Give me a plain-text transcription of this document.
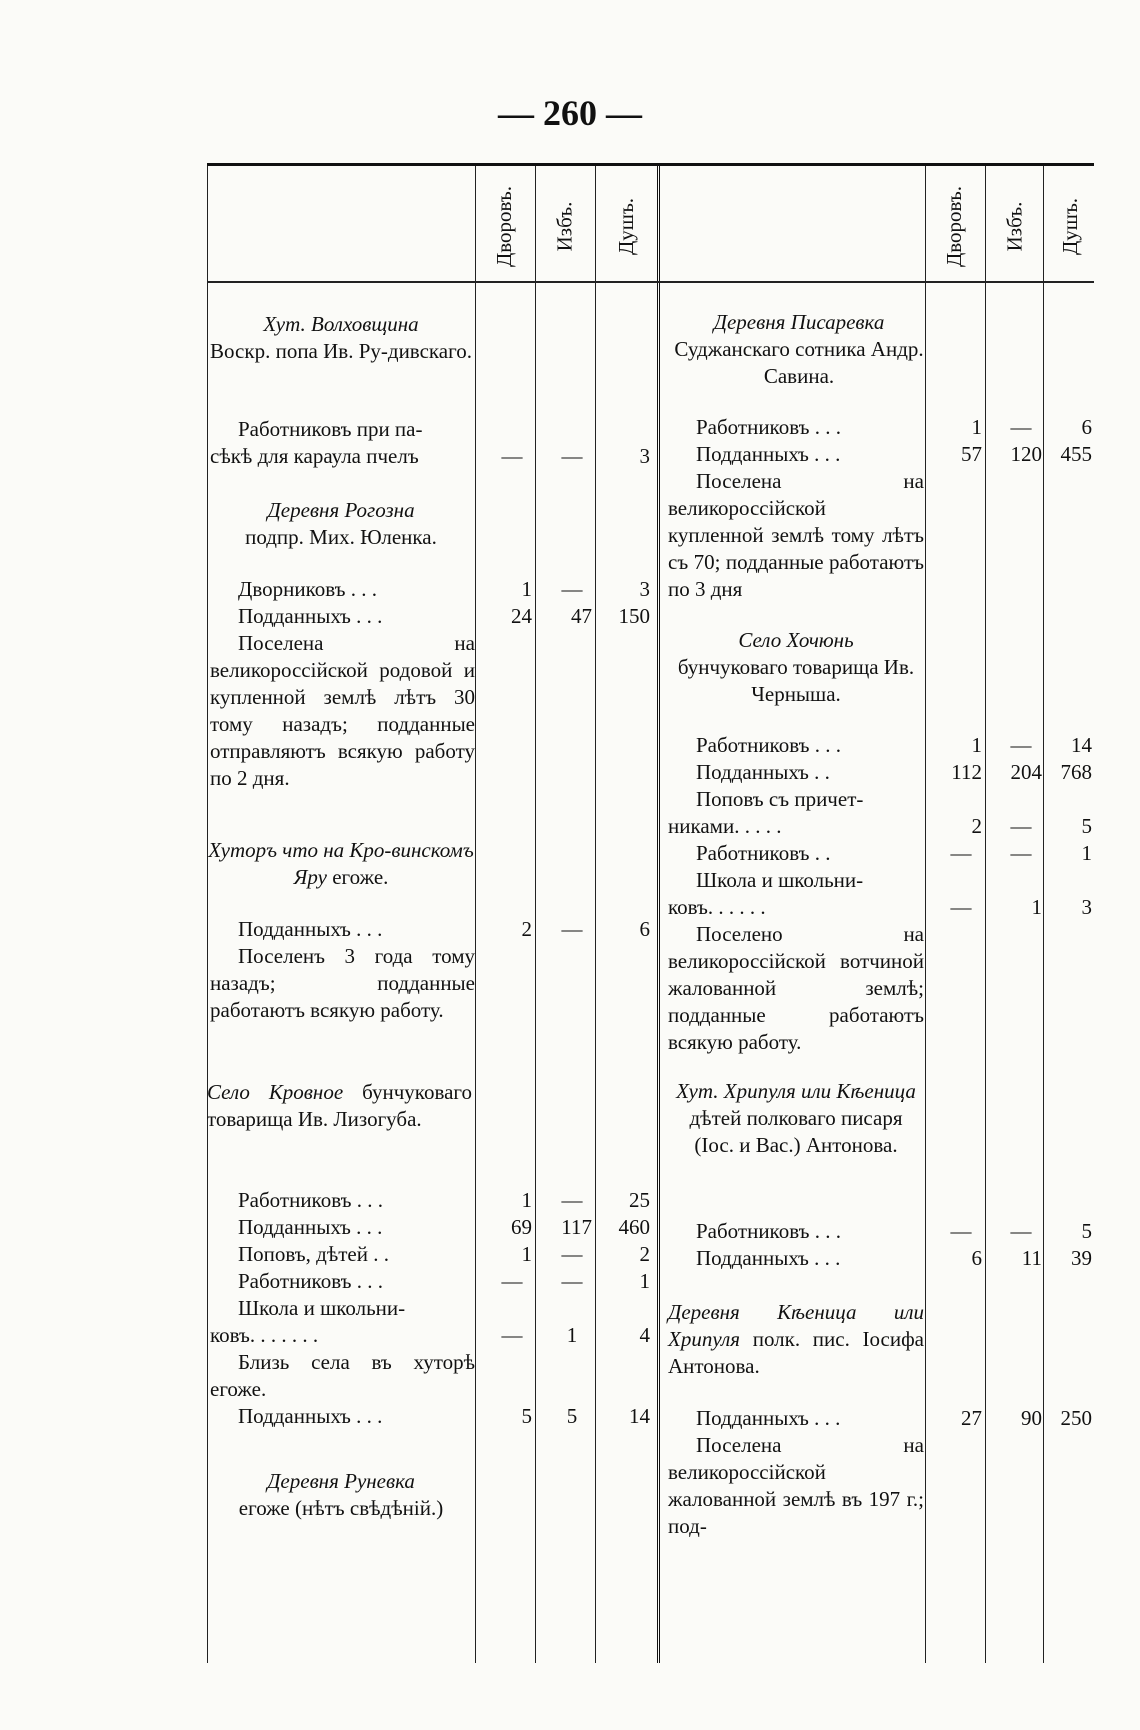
— 260 —
Дворовъ. Избъ. Душъ.	Дворовъ. Избъ. Душъ.
Хут. Волховщина
Воскр. попа Ив. Ру-дивскаго.
Работниковъ при па-
сѣкѣ для караула пчелъ	—	—	3
Деревня Рогозна
подпр. Мих. Юленка.
Дворниковъ . . .	1	—	3
Подданныхъ . . .	24	47	150
Поселена на великороссійской родовой и купленной землѣ лѣтъ 30 тому назадъ; подданные отправляютъ всякую работу по 2 дня.
Хуторъ что на Кро-винскомъ Яру егоже.
Подданныхъ . . .	2	—	6
Поселенъ 3 года тому назадъ; подданные работаютъ всякую работу.
Село Кровное бунчуковаго товарища Ив. Лизогуба.
Работниковъ . . .	1	—	25
Подданныхъ . . .	69	117	460
Поповъ, дѣтей . .	1	—	2
Работниковъ . . .	—	—	1
Школа и школьни-
ковъ. . . . . . .	—	1	4
Близь села въ хуторѣ егоже.
Подданныхъ . . .	5	5	14
Деревня Руневка
егоже (нѣтъ свѣдѣній.)
Деревня Писаревка
Суджанскаго сотника Андр. Савина.
Работниковъ . . .	1	—	6
Подданныхъ . . .	57	120 455
Поселена на великороссійской купленной землѣ тому лѣтъ съ 70; подданные работаютъ по 3 дня
Село Хочюнь
бунчуковаго товарища Ив. Черныша.
Работниковъ . . .	1	—	14
Подданныхъ . .	112	204 768
Поповъ съ причет-
никами. . . . .	2	—	5
Работниковъ . .	—	—	1
Школа и школьни-
ковъ. . . . . .	—	1	3
Поселено на великороссійской вотчиной жалованной землѣ; подданные работаютъ всякую работу.
Хут. Хрипуля или Кѣеница дѣтей полковаго писаря (Іос. и Вас.) Антонова.
Работниковъ . . .	—	—	5
Подданныхъ . . .	6	11	39
Деревня Кѣеница или Хрипуля полк. пис. Іосифа Антонова.
Подданныхъ . . .	27	90 250
Поселена на великороссійской жалованной землѣ въ 197 г.; под-
